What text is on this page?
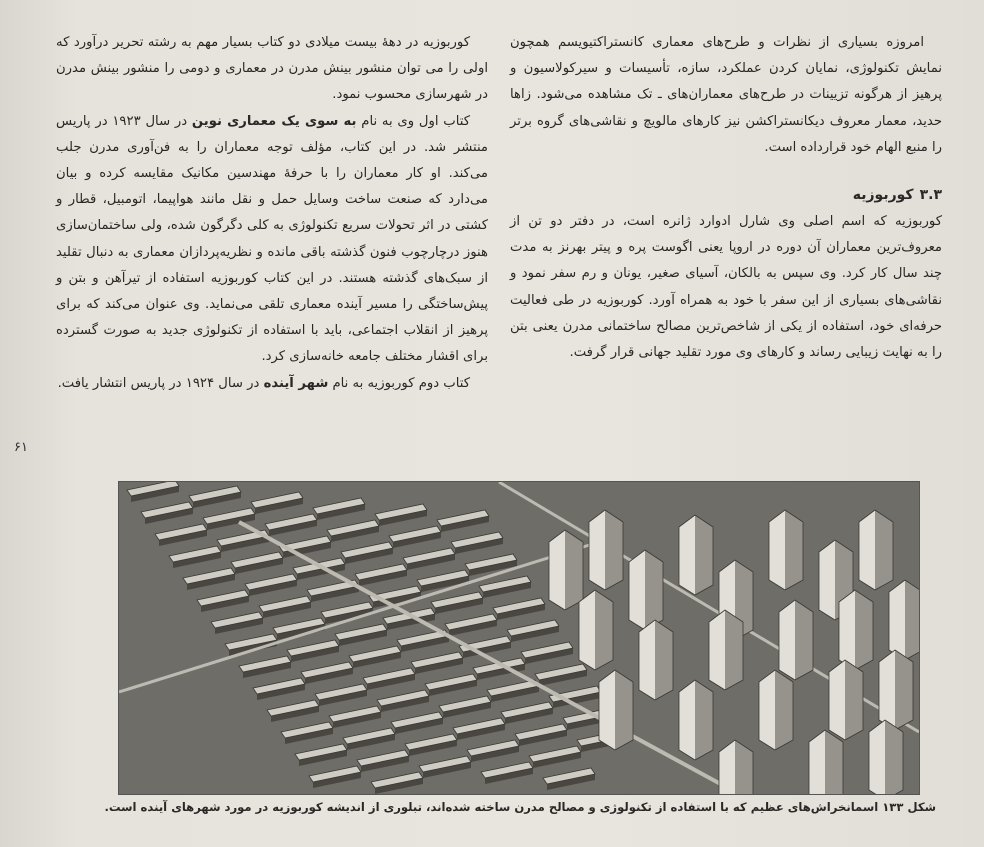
امروزه بسیاری از نظرات و طرح‌های معماری کانستراکتیویسم همچون نمایش تکنولوژی، نمایان کردن عملکرد، سازه، تأسیسات و سیرکولاسیون و پرهیز از هرگونه تزیینات در طرح‌های معماران‌های ـ تک مشاهده می‌شود. زاها حدید، معمار معروف دیکانستراکشن نیز کارهای مالویچ و نقاشی‌های گروه برتر را منبع الهام خود قرارداده است.

۳.۳کوربوزیه

کوربوزیه که اسم اصلی وی شارل ادوارد ژانره است، در دفتر دو تن از معروف‌ترین معماران آن دوره در اروپا یعنی اگوست پره و پیتر بهرنز به مدت چند سال کار کرد. وی سپس به بالکان، آسیای صغیر، یونان و رم سفر نمود و نقاشی‌های بسیاری از این سفر با خود به همراه آورد. کوربوزیه در طی فعالیت حرفه‌ای خود، استفاده از یکی از شاخص‌ترین مصالح ساختمانی مدرن یعنی بتن را به نهایت زیبایی رساند و کارهای وی مورد تقلید جهانی قرار گرفت.

کوربوزیه در دههٔ بیست میلادی دو کتاب بسیار مهم به رشته تحریر درآورد که اولی را می توان منشور بینش مدرن در معماری و دومی را منشور بینش مدرن در شهرسازی محسوب نمود.

کتاب اول وی به نام به سوی یک معماری نوین در سال ۱۹۲۳ در پاریس منتشر شد. در این کتاب، مؤلف توجه معماران را به فن‌آوری مدرن جلب می‌کند. او کار معماران را با حرفهٔ مهندسین مکانیک مقایسه کرده و بیان می‌دارد که صنعت ساخت وسایل حمل و نقل مانند هواپیما، اتومبیل، قطار و کشتی در اثر تحولات سریع تکنولوژی به کلی دگرگون شده، ولی ساختمان‌سازی هنوز درچارچوب فنون گذشته باقی مانده و نظریه‌پردازان معماری به دنبال تقلید از سبک‌های گذشته هستند. در این کتاب کوربوزیه استفاده از تیرآهن و بتن و پیش‌ساختگی را مسیر آینده معماری تلقی می‌نماید. وی عنوان می‌کند که برای پرهیز از انقلاب اجتماعی، باید با استفاده از تکنولوژی جدید به صورت گسترده برای اقشار مختلف جامعه خانه‌سازی کرد.

کتاب دوم کوربوزیه به نام شهر آینده در سال ۱۹۲۴ در پاریس انتشار یافت.

۶۱
شکل ۱۳۳ اسمانخراش‌های عظیم که با استفاده از تکنولوژی و مصالح مدرن ساخته شده‌اند، تبلوری از اندیشه کوربوزیه در مورد شهرهای آینده است.
